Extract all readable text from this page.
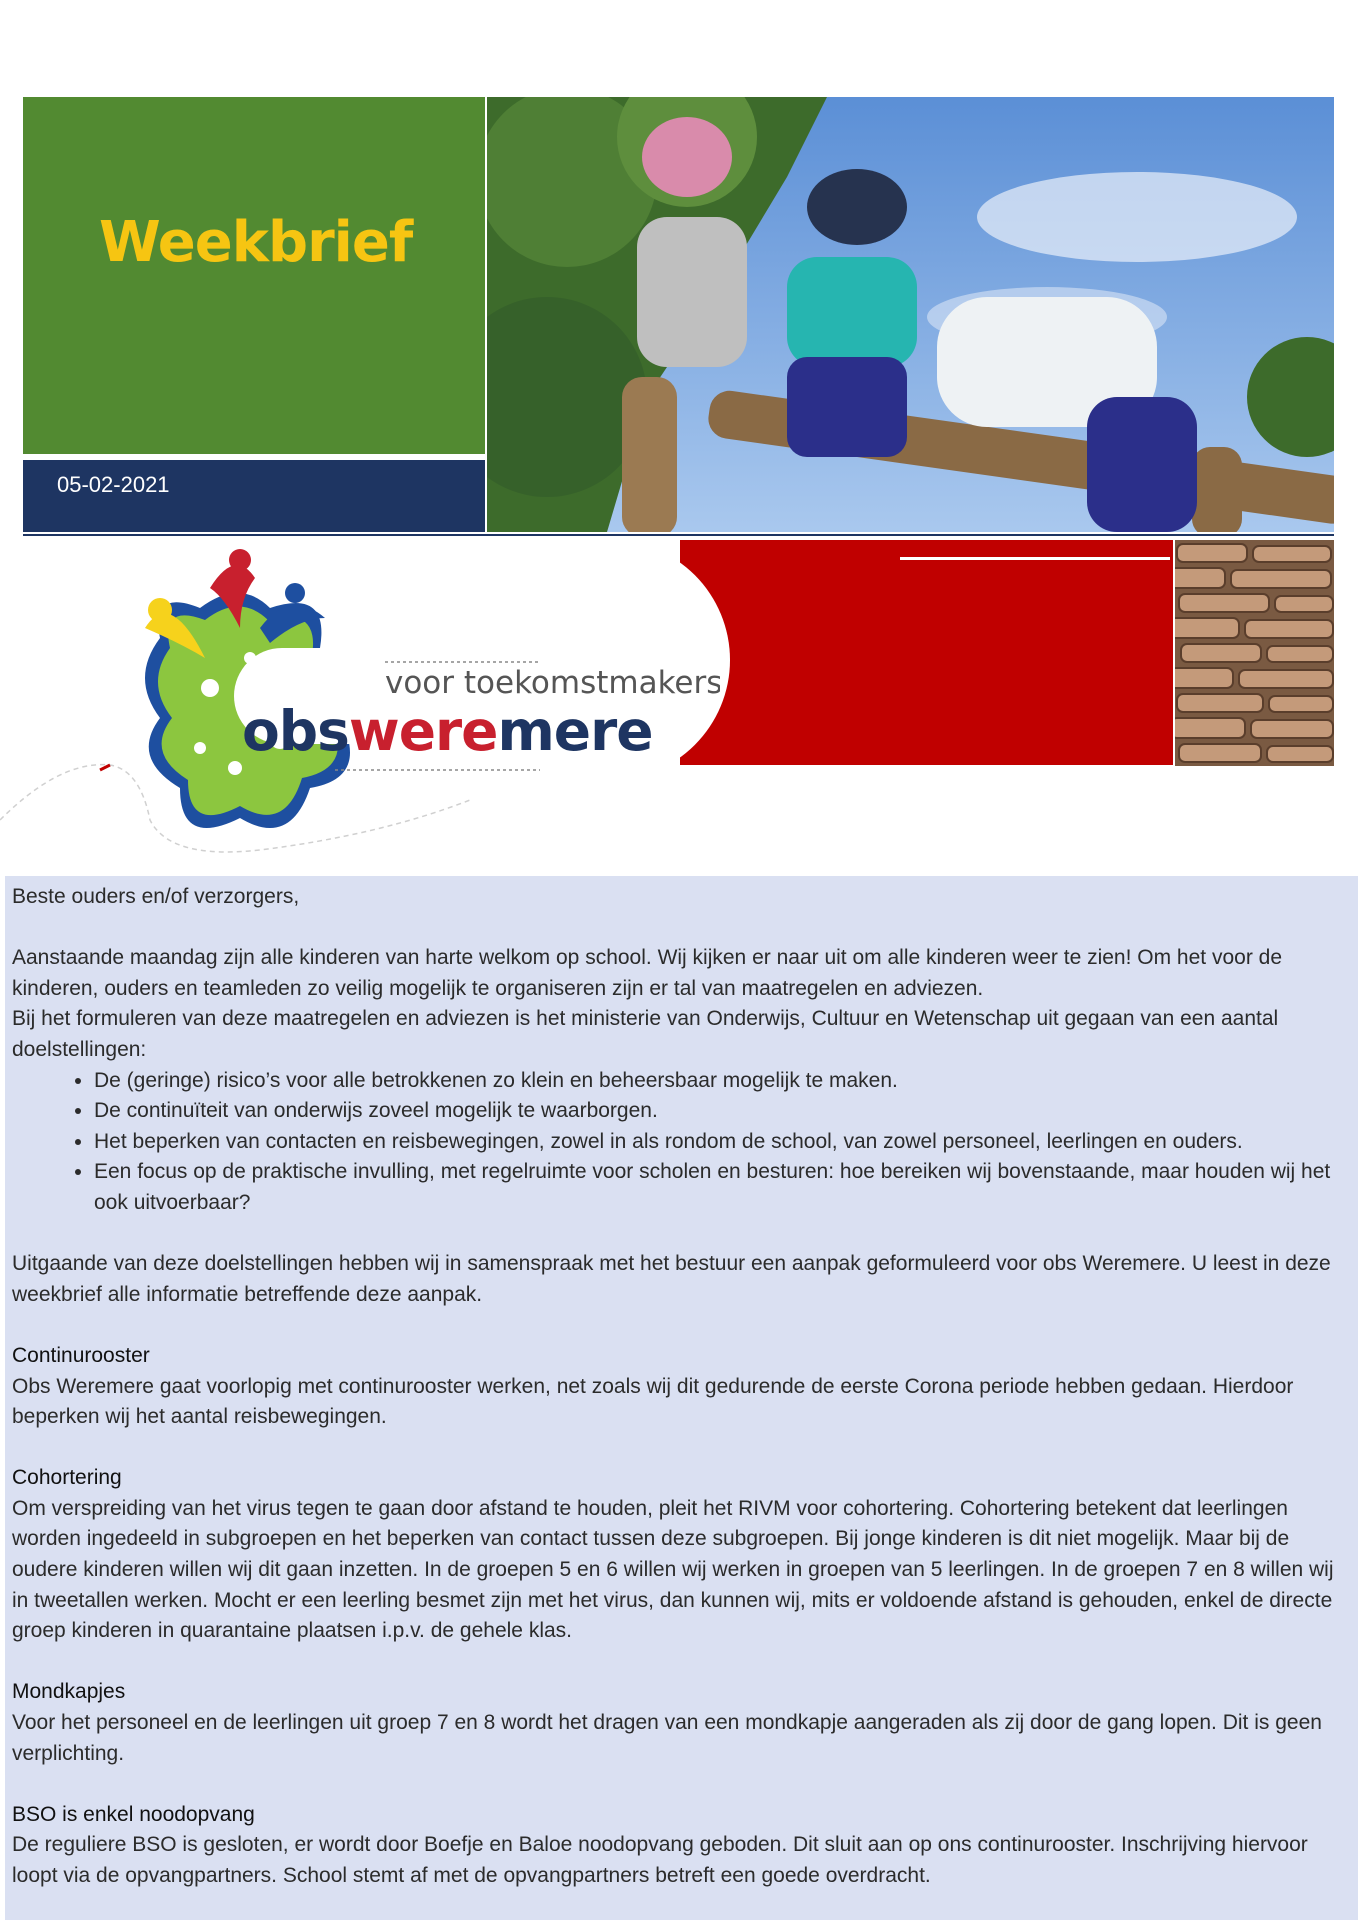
Weekbrief
05-02-2021
voor toekomstmakers
obsweremere

Beste ouders en/of verzorgers,

Aanstaande maandag zijn alle kinderen van harte welkom op school. Wij kijken er naar uit om alle kinderen weer te zien! Om het voor de kinderen, ouders en teamleden zo veilig mogelijk te organiseren zijn er tal van maatregelen en adviezen.

Bij het formuleren van deze maatregelen en adviezen is het ministerie van Onderwijs, Cultuur en Wetenschap uit gegaan van een aantal doelstellingen:

• De (geringe) risico’s voor alle betrokkenen zo klein en beheersbaar mogelijk te maken.
• De continuïteit van onderwijs zoveel mogelijk te waarborgen.
• Het beperken van contacten en reisbewegingen, zowel in als rondom de school, van zowel personeel, leerlingen en ouders.
• Een focus op de praktische invulling, met regelruimte voor scholen en besturen: hoe bereiken wij bovenstaande, maar houden wij het ook uitvoerbaar?

Uitgaande van deze doelstellingen hebben wij in samenspraak met het bestuur een aanpak geformuleerd voor obs Weremere. U leest in deze weekbrief alle informatie betreffende deze aanpak.

Continurooster

Obs Weremere gaat voorlopig met continurooster werken, net zoals wij dit gedurende de eerste Corona periode hebben gedaan. Hierdoor beperken wij het aantal reisbewegingen.

Cohortering

Om verspreiding van het virus tegen te gaan door afstand te houden, pleit het RIVM voor cohortering. Cohortering betekent dat leerlingen worden ingedeeld in subgroepen en het beperken van contact tussen deze subgroepen. Bij jonge kinderen is dit niet mogelijk. Maar bij de oudere kinderen willen wij dit gaan inzetten. In de groepen 5 en 6 willen wij werken in groepen van 5 leerlingen. In de groepen 7 en 8 willen wij in tweetallen werken. Mocht er een leerling besmet zijn met het virus, dan kunnen wij, mits er voldoende afstand is gehouden, enkel de directe groep kinderen in quarantaine plaatsen i.p.v. de gehele klas.

Mondkapjes

Voor het personeel en de leerlingen uit groep 7 en 8 wordt het dragen van een mondkapje aangeraden als zij door de gang lopen. Dit is geen verplichting.

BSO is enkel noodopvang

De reguliere BSO is gesloten, er wordt door Boefje en Baloe noodopvang geboden. Dit sluit aan op ons continurooster. Inschrijving hiervoor loopt via de opvangpartners. School stemt af met de opvangpartners betreft een goede overdracht.
